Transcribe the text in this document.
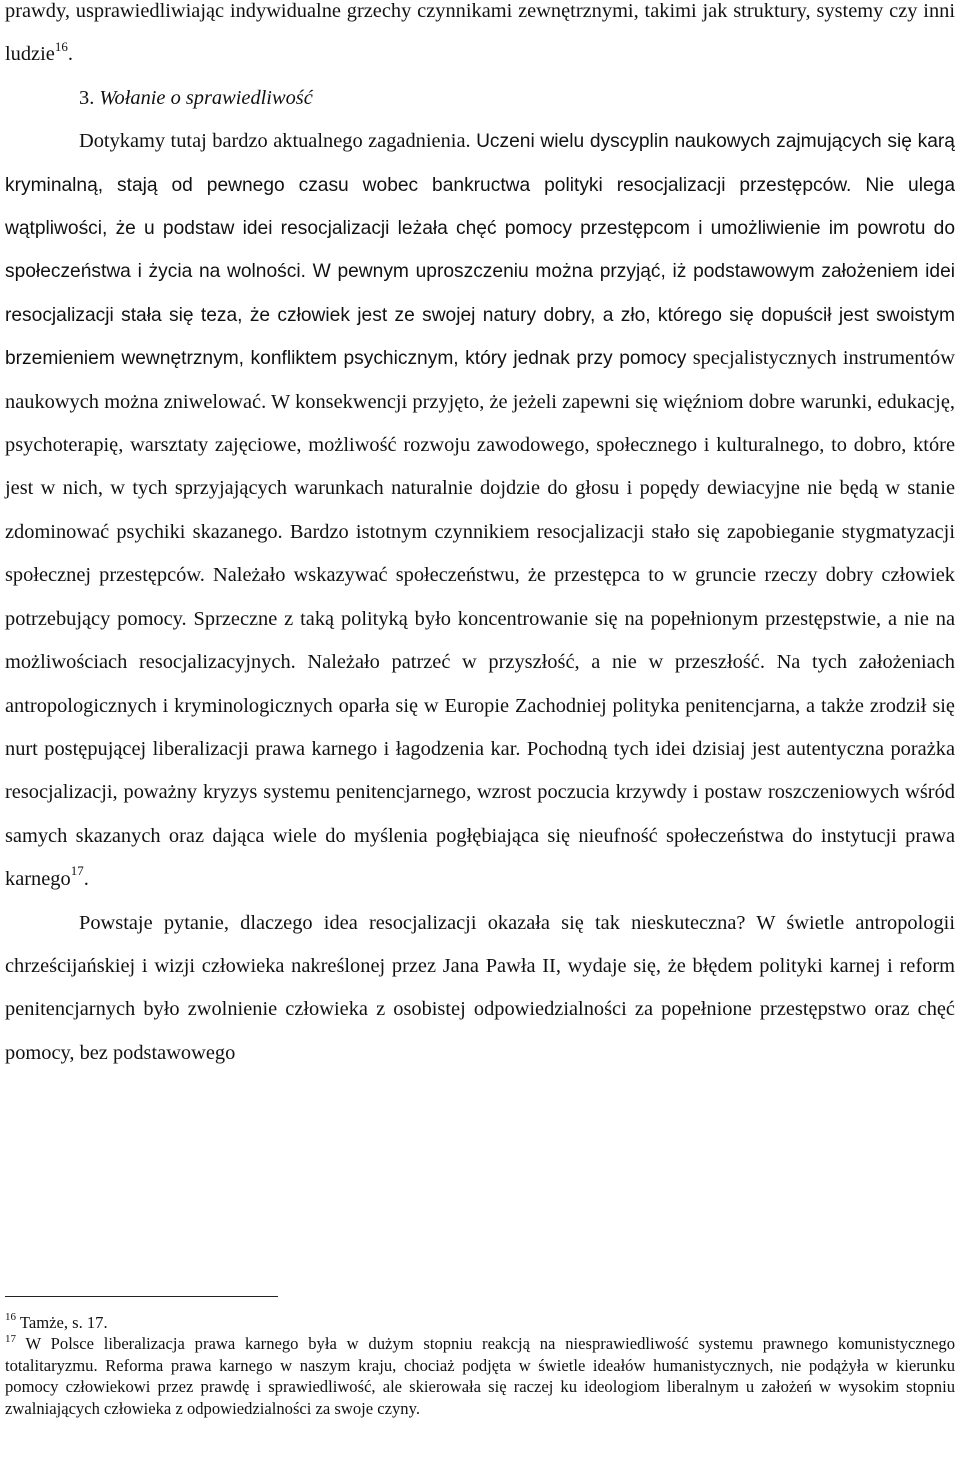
prawdy, usprawiedliwiając indywidualne grzechy czynnikami zewnętrznymi, takimi jak struktury, systemy czy inni ludzie$^{16}$.

3. Wołanie o sprawiedliwość

Dotykamy tutaj bardzo aktualnego zagadnienia. Uczeni wielu dyscyplin naukowych zajmujących się karą kryminalną, stają od pewnego czasu wobec bankructwa polityki resocjalizacji przestępców. Nie ulega wątpliwości, że u podstaw idei resocjalizacji leżała chęć pomocy przestępcom i umożliwienie im powrotu do społeczeństwa i życia na wolności. W pewnym uproszczeniu można przyjąć, iż podstawowym założeniem idei resocjalizacji stała się teza, że człowiek jest ze swojej natury dobry, a zło, którego się dopuścił jest swoistym brzemieniem wewnętrznym, konfliktem psychicznym, który jednak przy pomocy specjalistycznych instrumentów naukowych można zniwelować. W konsekwencji przyjęto, że jeżeli zapewni się więźniom dobre warunki, edukację, psychoterapię, warsztaty zajęciowe, możliwość rozwoju zawodowego, społecznego i kulturalnego, to dobro, które jest w nich, w tych sprzyjających warunkach naturalnie dojdzie do głosu i popędy dewiacyjne nie będą w stanie zdominować psychiki skazanego. Bardzo istotnym czynnikiem resocjalizacji stało się zapobieganie stygmatyzacji społecznej przestępców. Należało wskazywać społeczeństwu, że przestępca to w gruncie rzeczy dobry człowiek potrzebujący pomocy. Sprzeczne z taką polityką było koncentrowanie się na popełnionym przestępstwie, a nie na możliwościach resocjalizacyjnych. Należało patrzeć w przyszłość, a nie w przeszłość. Na tych założeniach antropologicznych i kryminologicznych oparła się w Europie Zachodniej polityka penitencjarna, a także zrodził się nurt postępującej liberalizacji prawa karnego i łagodzenia kar. Pochodną tych idei dzisiaj jest autentyczna porażka resocjalizacji, poważny kryzys systemu penitencjarnego, wzrost poczucia krzywdy i postaw roszczeniowych wśród samych skazanych oraz dająca wiele do myślenia pogłębiająca się nieufność społeczeństwa do instytucji prawa karnego$^{17}$.

Powstaje pytanie, dlaczego idea resocjalizacji okazała się tak nieskuteczna? W świetle antropologii chrześcijańskiej i wizji człowieka nakreślonej przez Jana Pawła II, wydaje się, że błędem polityki karnej i reform penitencjarnych było zwolnienie człowieka z osobistej odpowiedzialności za popełnione przestępstwo oraz chęć pomocy, bez podstawowego

$^{16}$ Tamże, s. 17.

$^{17}$ W Polsce liberalizacja prawa karnego była w dużym stopniu reakcją na niesprawiedliwość systemu prawnego komunistycznego totalitaryzmu. Reforma prawa karnego w naszym kraju, chociaż podjęta w świetle ideałów humanistycznych, nie podążyła w kierunku pomocy człowiekowi przez prawdę i sprawiedliwość, ale skierowała się raczej ku ideologiom liberalnym u założeń w wysokim stopniu zwalniających człowieka z odpowiedzialności za swoje czyny.
